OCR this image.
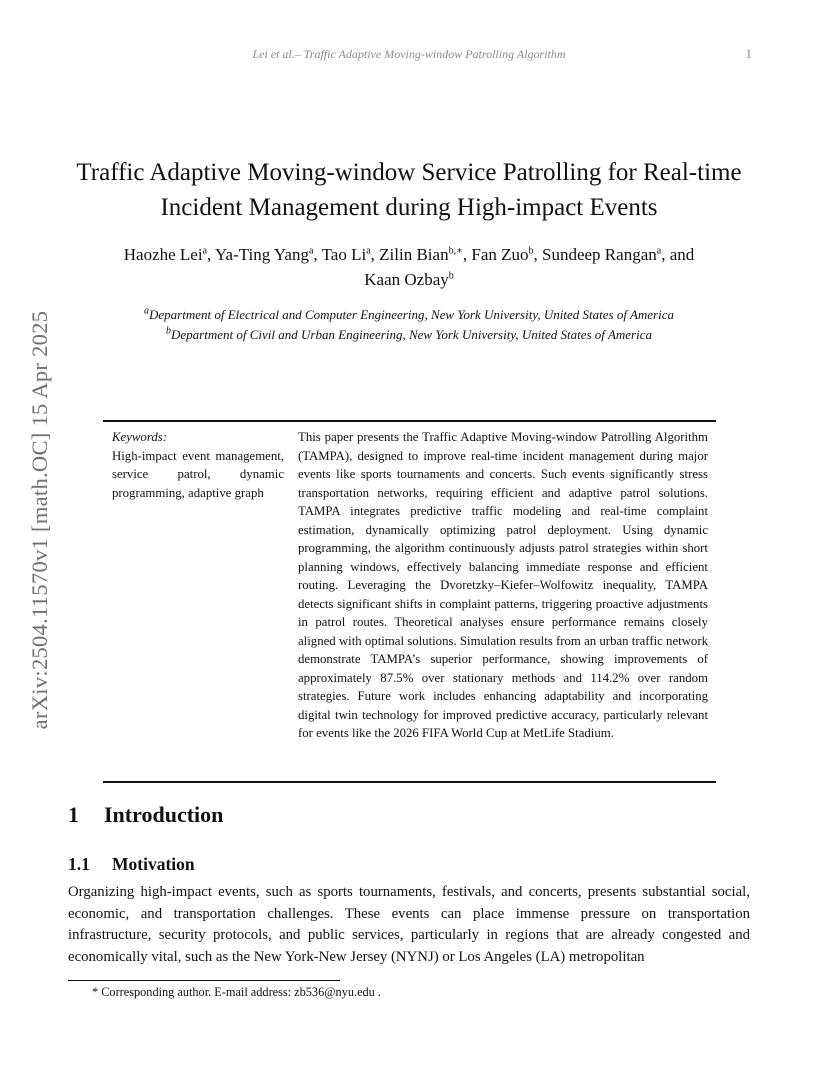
Lei et al.– Traffic Adaptive Moving-window Patrolling Algorithm	1
arXiv:2504.11570v1 [math.OC] 15 Apr 2025
Traffic Adaptive Moving-window Service Patrolling for Real-time Incident Management during High-impact Events
Haozhe Lei$^a$, Ya-Ting Yang$^a$, Tao Li$^a$, Zilin Bian$^{b,∗}$, Fan Zuo$^b$, Sundeep Rangan$^a$, and
Kaan Ozbay$^b$
$^a$Department of Electrical and Computer Engineering, New York University, United States of America
$^b$Department of Civil and Urban Engineering, New York University, United States of America
Keywords:
High-impact event management, service patrol, dynamic programming, adaptive graph
This paper presents the Traffic Adaptive Moving-window Patrolling Algorithm (TAMPA), designed to improve real-time incident management during major events like sports tournaments and concerts. Such events significantly stress transportation networks, requiring efficient and adaptive patrol solutions. TAMPA integrates predictive traffic modeling and real-time complaint estimation, dynamically optimizing patrol deployment. Using dynamic programming, the algorithm continuously adjusts patrol strategies within short planning windows, effectively balancing immediate response and efficient routing. Leveraging the Dvoretzky–Kiefer–Wolfowitz inequality, TAMPA detects significant shifts in complaint patterns, triggering proactive adjustments in patrol routes. Theoretical analyses ensure performance remains closely aligned with optimal solutions. Simulation results from an urban traffic network demonstrate TAMPA’s superior performance, showing improvements of approximately 87.5% over stationary methods and 114.2% over random strategies. Future work includes enhancing adaptability and incorporating digital twin technology for improved predictive accuracy, particularly relevant for events like the 2026 FIFA World Cup at MetLife Stadium.
1 Introduction
1.1 Motivation
Organizing high-impact events, such as sports tournaments, festivals, and concerts, presents substantial social, economic, and transportation challenges. These events can place immense pressure on transportation infrastructure, security protocols, and public services, particularly in regions that are already congested and economically vital, such as the New York-New Jersey (NYNJ) or Los Angeles (LA) metropolitan
* Corresponding author. E-mail address: zb536@nyu.edu .
